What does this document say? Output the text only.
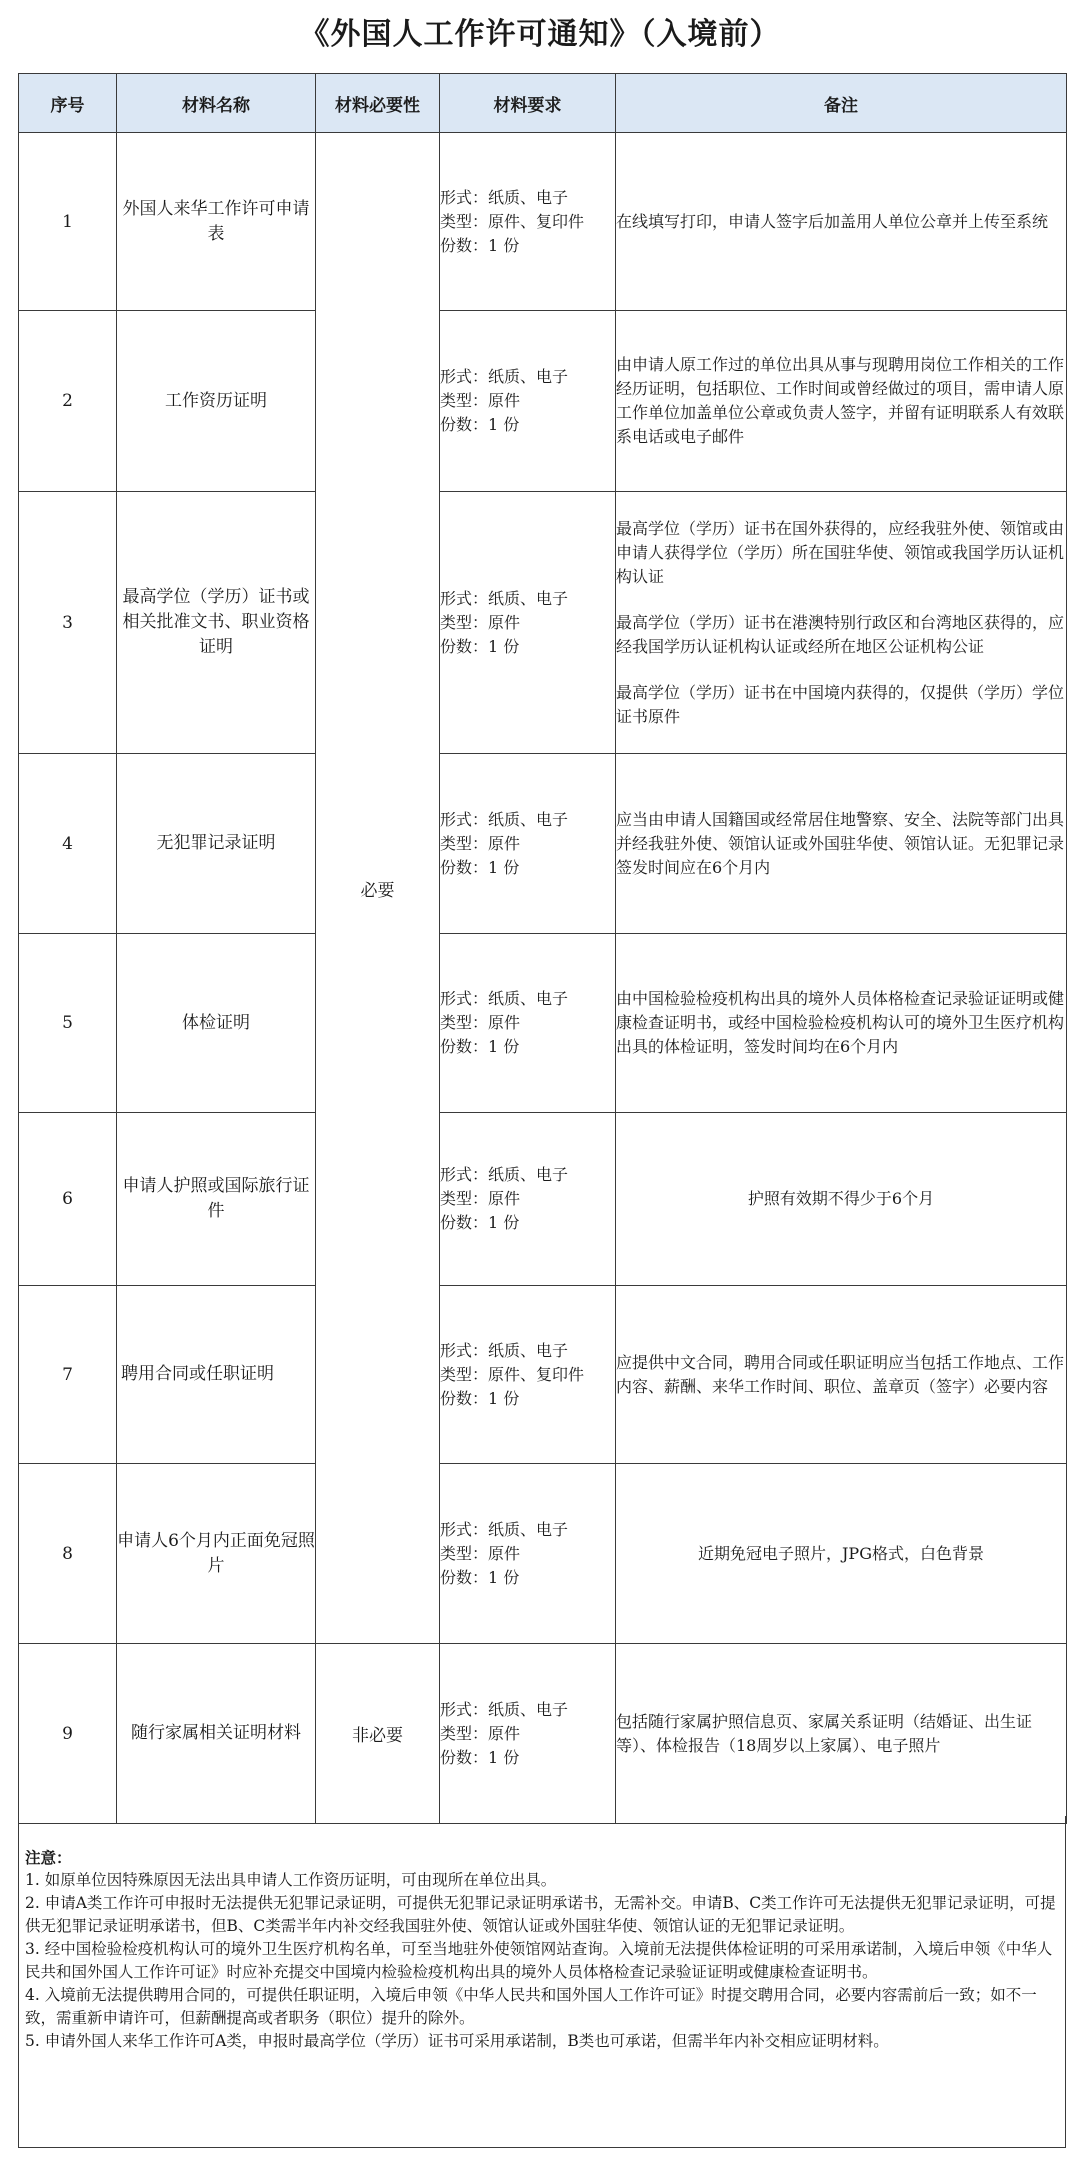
《外国人工作许可通知》（入境前）
序号	材料名称	材料必要性	材料要求	备注
1	外国人来华工作许可申请表	必要	形式：纸质、电子
类型：原件、复印件
份数：1 份	在线填写打印，申请人签字后加盖用人单位公章并上传至系统

2	工作资历证明		形式：纸质、电子
类型：原件
份数：1 份	由申请人原工作过的单位出具从事与现聘用岗位工作相关的工作经历证明，包括职位、工作时间或曾经做过的项目，需申请人原工作单位加盖单位公章或负责人签字，并留有证明联系人有效联系电话或电子邮件

3	最高学位（学历）证书或相关批准文书、职业资格证明		形式：纸质、电子
类型：原件
份数：1 份	最高学位（学历）证书在国外获得的，应经我驻外使、领馆或由申请人获得学位（学历）所在国驻华使、领馆或我国学历认证机构认证
最高学位（学历）证书在港澳特别行政区和台湾地区获得的，应经我国学历认证机构认证或经所在地区公证机构公证
最高学位（学历）证书在中国境内获得的，仅提供（学历）学位证书原件

4	无犯罪记录证明		形式：纸质、电子
类型：原件
份数：1 份	应当由申请人国籍国或经常居住地警察、安全、法院等部门出具并经我驻外使、领馆认证或外国驻华使、领馆认证。无犯罪记录签发时间应在6个月内

5	体检证明		形式：纸质、电子
类型：原件
份数：1 份	由中国检验检疫机构出具的境外人员体格检查记录验证证明或健康检查证明书，或经中国检验检疫机构认可的境外卫生医疗机构出具的体检证明，签发时间均在6个月内

6	申请人护照或国际旅行证件		形式：纸质、电子
类型：原件
份数：1 份	护照有效期不得少于6个月

7	聘用合同或任职证明		形式：纸质、电子
类型：原件、复印件
份数：1 份	应提供中文合同，聘用合同或任职证明应当包括工作地点、工作内容、薪酬、来华工作时间、职位、盖章页（签字）必要内容

8	申请人6个月内正面免冠照片		形式：纸质、电子
类型：原件
份数：1 份	近期免冠电子照片，JPG格式，白色背景

9	随行家属相关证明材料	非必要	形式：纸质、电子
类型：原件
份数：1 份	包括随行家属护照信息页、家属关系证明（结婚证、出生证等）、体检报告（18周岁以上家属）、电子照片
注意：
1. 如原单位因特殊原因无法出具申请人工作资历证明，可由现所在单位出具。
2. 申请A类工作许可申报时无法提供无犯罪记录证明，可提供无犯罪记录证明承诺书，无需补交。申请B、C类工作许可无法提供无犯罪记录证明，可提供无犯罪记录证明承诺书，但B、C类需半年内补交经我国驻外使、领馆认证或外国驻华使、领馆认证的无犯罪记录证明。
3. 经中国检验检疫机构认可的境外卫生医疗机构名单，可至当地驻外使领馆网站查询。入境前无法提供体检证明的可采用承诺制，入境后申领《中华人民共和国外国人工作许可证》时应补充提交中国境内检验检疫机构出具的境外人员体格检查记录验证证明或健康检查证明书。
4. 入境前无法提供聘用合同的，可提供任职证明，入境后申领《中华人民共和国外国人工作许可证》时提交聘用合同，必要内容需前后一致；如不一致，需重新申请许可，但薪酬提高或者职务（职位）提升的除外。
5. 申请外国人来华工作许可A类，申报时最高学位（学历）证书可采用承诺制，B类也可承诺，但需半年内补交相应证明材料。
